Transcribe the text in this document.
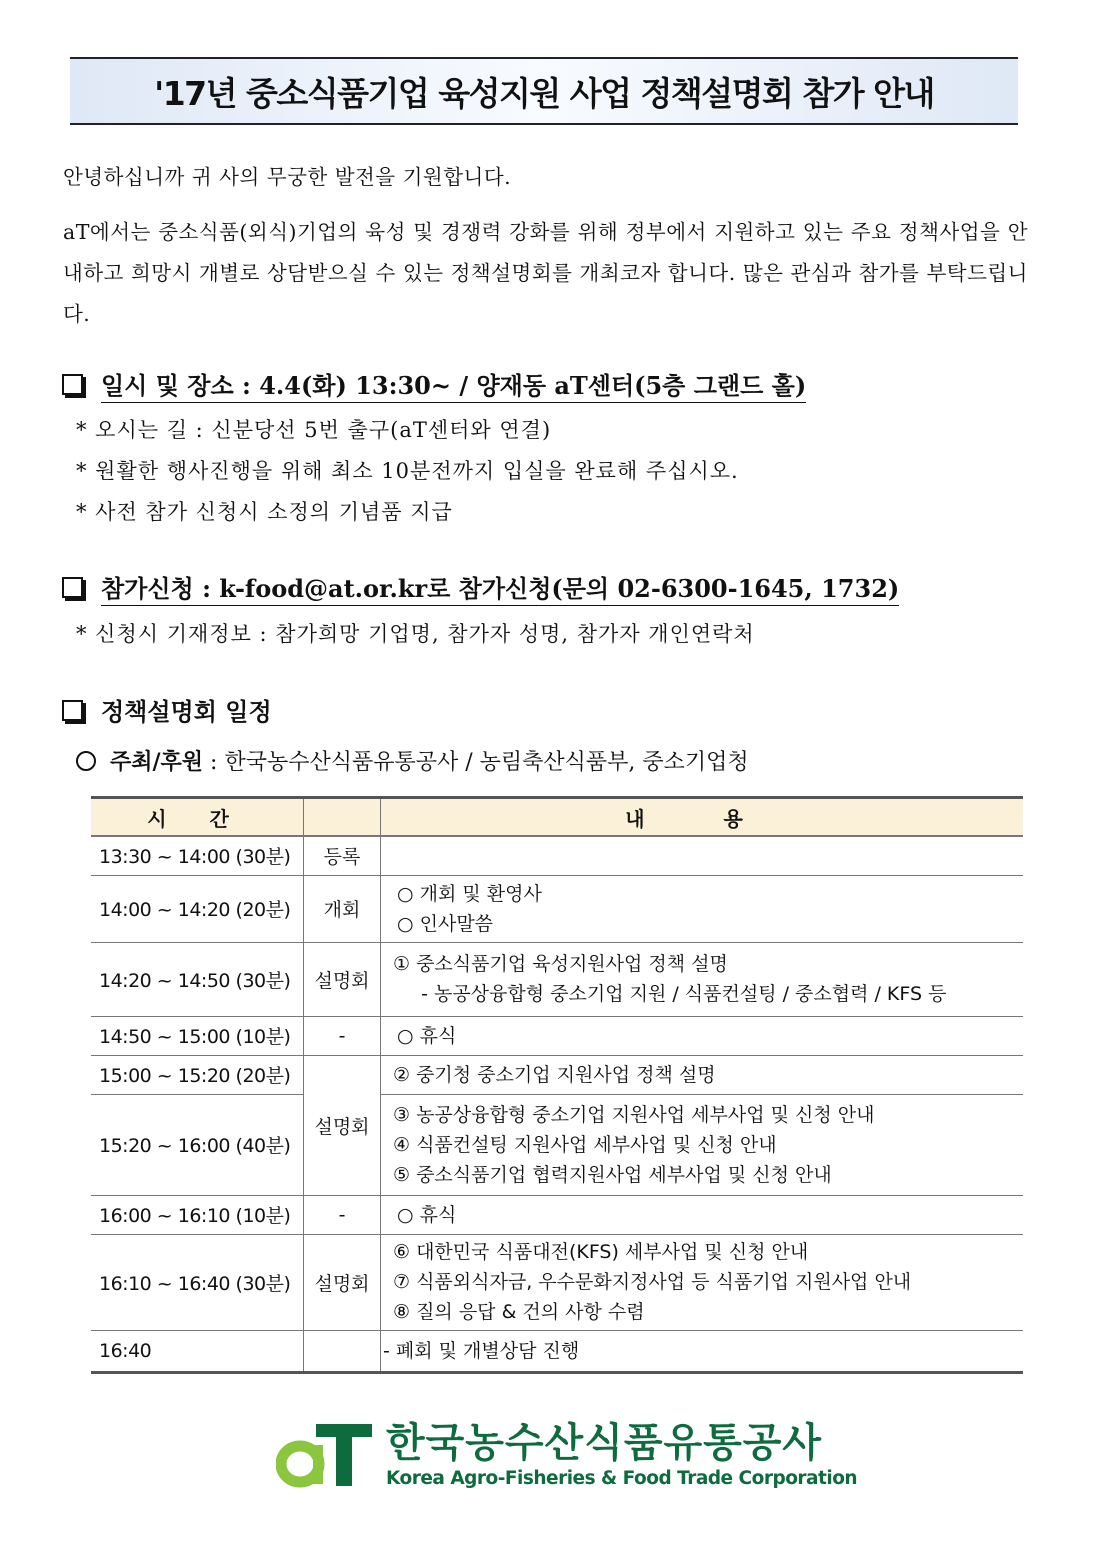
'17년 중소식품기업 육성지원 사업 정책설명회 참가 안내
안녕하십니까 귀 사의 무궁한 발전을 기원합니다.
aT에서는 중소식품(외식)기업의 육성 및 경쟁력 강화를 위해 정부에서 지원하고 있는 주요 정책사업을 안내하고 희망시 개별로 상담받으실 수 있는 정책설명회를 개최코자 합니다. 많은 관심과 참가를 부탁드립니다.
일시 및 장소 : 4.4(화) 13:30~ / 양재동 aT센터(5층 그랜드 홀)
* 오시는 길 : 신분당선 5번 출구(aT센터와 연결)
* 원활한 행사진행을 위해 최소 10분전까지 입실을 완료해 주십시오.
* 사전 참가 신청시 소정의 기념품 지급
참가신청 : k-food@at.or.kr로 참가신청(문의 02-6300-1645, 1732)
* 신청시 기재정보 : 참가희망 기업명, 참가자 성명, 참가자 개인연락처
정책설명회 일정
주최/후원 : 한국농수산식품유통공사 / 농림축산식품부, 중소기업청
시 간		내 용
13:30 ~ 14:00 (30분)	등록	
14:00 ~ 14:20 (20분)	개회	○ 개회 및 환영사
○ 인사말씀

14:20 ~ 14:50 (30분)	설명회	① 중소식품기업 육성지원사업 정책 설명
- 농공상융합형 중소기업 지원 / 식품컨설팅 / 중소협력 / KFS 등

14:50 ~ 15:00 (10분)	-	○ 휴식

15:00 ~ 15:20 (20분)	설명회	② 중기청 중소기업 지원사업 정책 설명

15:20 ~ 16:00 (40분)		③ 농공상융합형 중소기업 지원사업 세부사업 및 신청 안내
④ 식품컨설팅 지원사업 세부사업 및 신청 안내
⑤ 중소식품기업 협력지원사업 세부사업 및 신청 안내

16:00 ~ 16:10 (10분)	-	○ 휴식

16:10 ~ 16:40 (30분)	설명회	⑥ 대한민국 식품대전(KFS) 세부사업 및 신청 안내
⑦ 식품외식자금, 우수문화지정사업 등 식품기업 지원사업 안내
⑧ 질의 응답 & 건의 사항 수렴

16:40		- 폐회 및 개별상담 진행
한국농수산식품유통공사
Korea Agro-Fisheries & Food Trade Corporation
